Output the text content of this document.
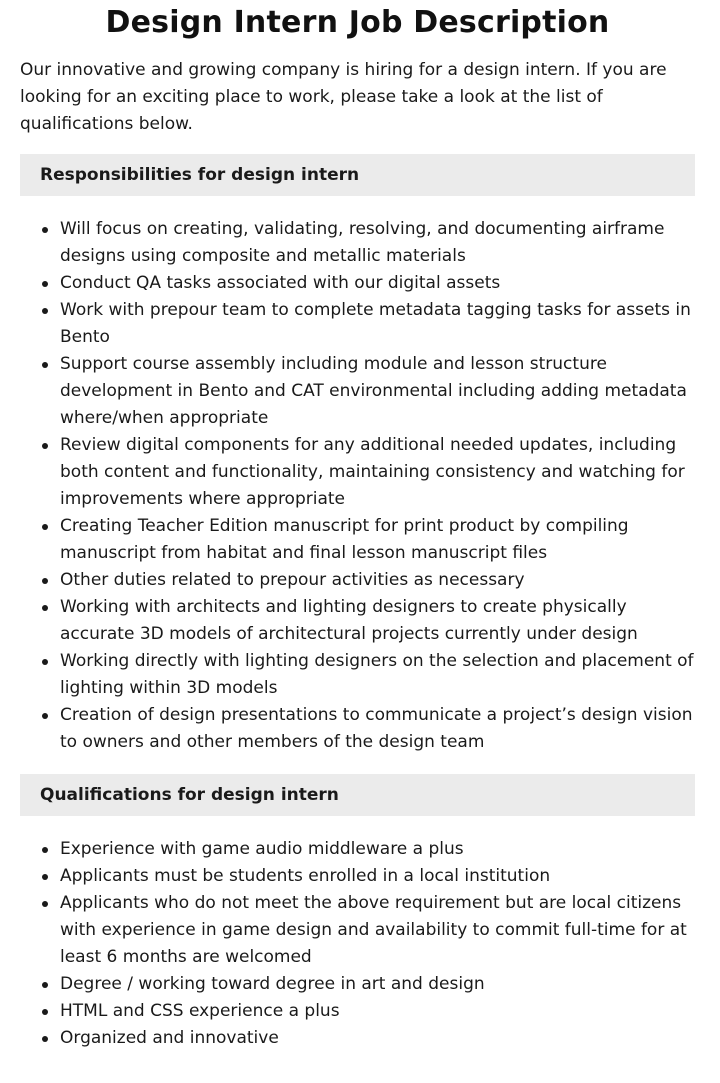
Design Intern Job Description

Our innovative and growing company is hiring for a design intern. If you are looking for an exciting place to work, please take a look at the list of qualifications below.

Responsibilities for design intern
Will focus on creating, validating, resolving, and documenting airframe designs using composite and metallic materials
Conduct QA tasks associated with our digital assets
Work with prepour team to complete metadata tagging tasks for assets in Bento
Support course assembly including module and lesson structure development in Bento and CAT environmental including adding metadata where/when appropriate
Review digital components for any additional needed updates, including both content and functionality, maintaining consistency and watching for improvements where appropriate
Creating Teacher Edition manuscript for print product by compiling manuscript from habitat and final lesson manuscript files
Other duties related to prepour activities as necessary
Working with architects and lighting designers to create physically accurate 3D models of architectural projects currently under design
Working directly with lighting designers on the selection and placement of lighting within 3D models
Creation of design presentations to communicate a project’s design vision to owners and other members of the design team
Qualifications for design intern
Experience with game audio middleware a plus
Applicants must be students enrolled in a local institution
Applicants who do not meet the above requirement but are local citizens with experience in game design and availability to commit full-time for at least 6 months are welcomed
Degree / working toward degree in art and design
HTML and CSS experience a plus
Organized and innovative
